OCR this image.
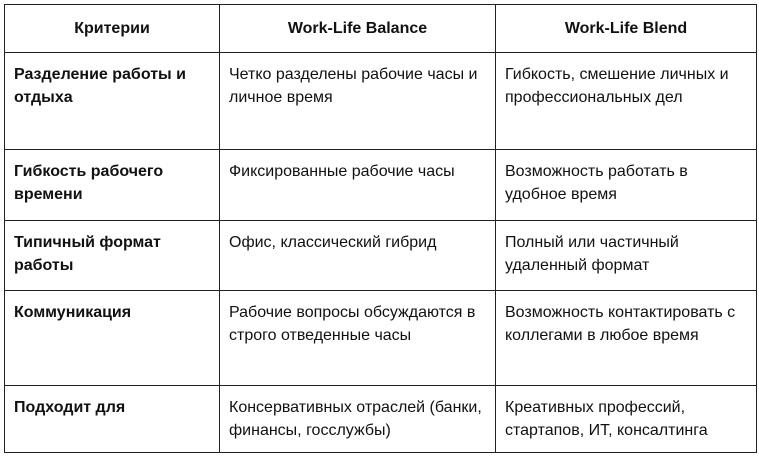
Критерии	Work-Life Balance	Work-Life Blend
Разделение работы и отдыха	Четко разделены рабочие часы и личное время	Гибкость, смешение личных и профессиональных дел
Гибкость рабочего времени	Фиксированные рабочие часы	Возможность работать в удобное время
Типичный формат работы	Офис, классический гибрид	Полный или частичный удаленный формат
Коммуникация	Рабочие вопросы обсуждаются в строго отведенные часы	Возможность контактировать с коллегами в любое время
Подходит для	Консервативных отраслей (банки, финансы, госслужбы)	Креативных профессий, стартапов, ИТ, консалтинга
